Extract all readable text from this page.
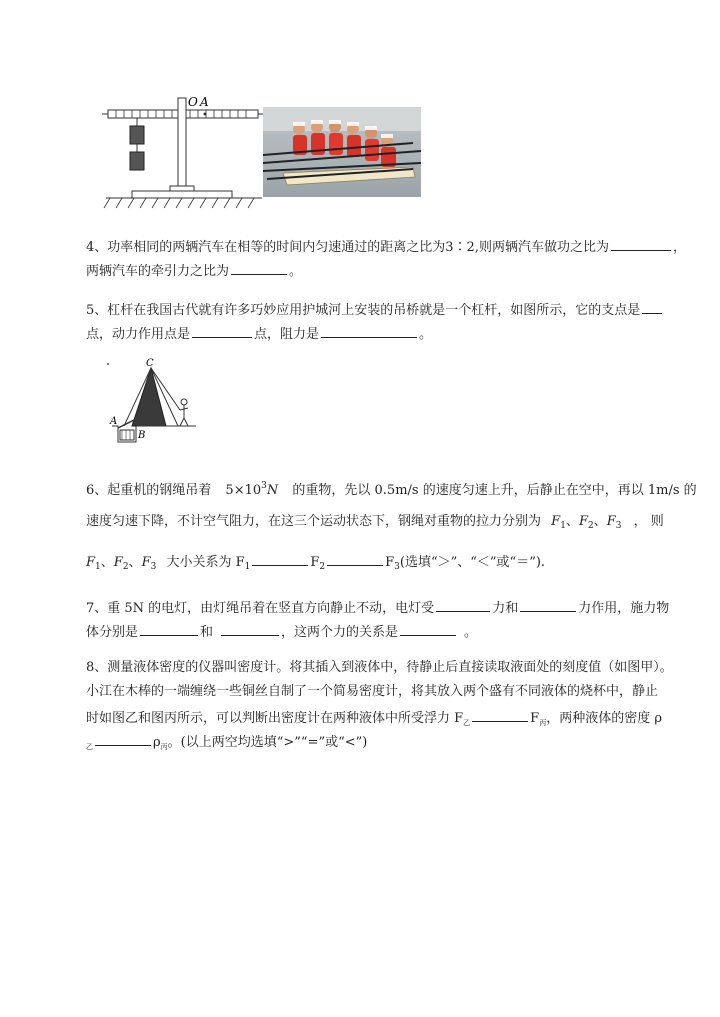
O A
4、功率相同的两辆汽车在相等的时间内匀速通过的距离之比为3∶2,则两辆汽车做功之比为	，
两辆汽车的牵引力之比为	。
5、杠杆在我国古代就有许多巧妙应用护城河上安装的吊桥就是一个杠杆，如图所示，它的支点是
点，动力作用点是	点，阻力是	。
C
A
B
6、起重机的钢绳吊着 $5\times 10^3N$ 的重物，先以 0.5m/s 的速度匀速上升，后静止在空中，再以 1m/s 的
速度匀速下降，不计空气阻力，在这三个运动状态下，钢绳对重物的拉力分别为 $F_1$、$F_2$、$F_3$ ， 则
$F_1$、$F_2$、$F_3$ 大小关系为 $F_1$	$F_2$	$F_3$(选填“＞”、“＜”或“＝”).
7、重 5N 的电灯，由灯绳吊着在竖直方向静止不动，电灯受	力和	力作用，施力物
体分别是	和	，这两个力的关系是	。
8、测量液体密度的仪器叫密度计。将其插入到液体中，待静止后直接读取液面处的刻度值（如图甲）。
小江在木棒的一端缠绕一些铜丝自制了一个简易密度计，将其放入两个盛有不同液体的烧杯中，静止
时如图乙和图丙所示，可以判断出密度计在两种液体中所受浮力 $F_乙$	$F_丙$，两种液体的密度 ρ
$_乙$	$\rho_丙$。(以上两空均选填“>”“=”或“<”)
